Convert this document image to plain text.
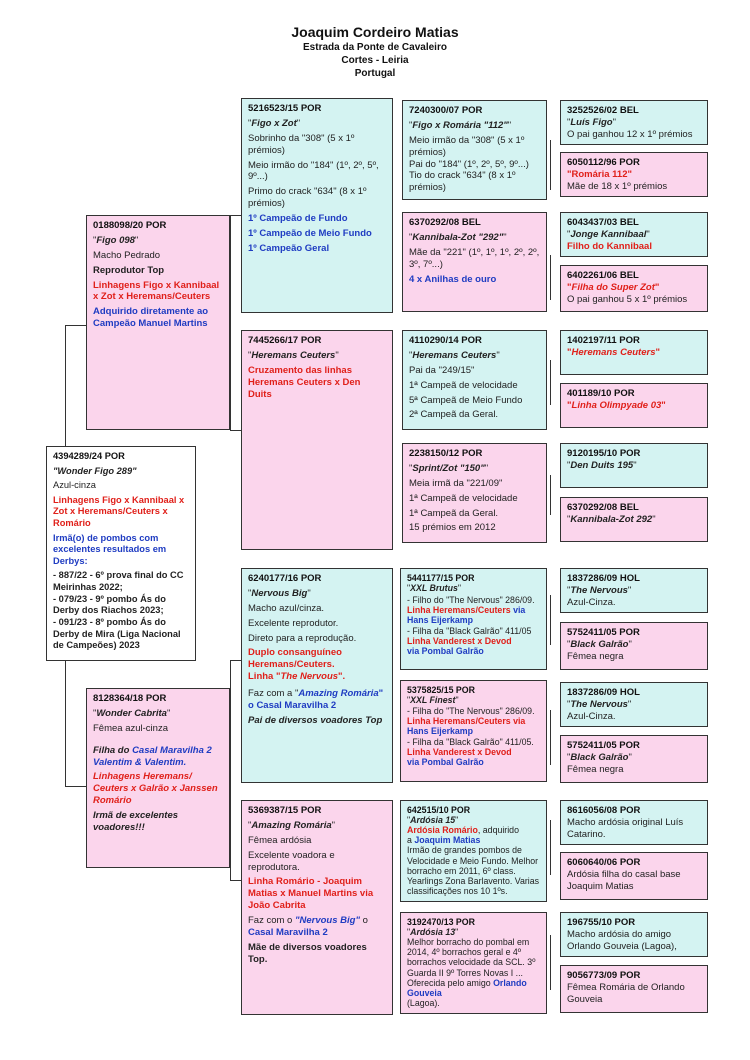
Joaquim Cordeiro Matias
Estrada da Ponte de Cavaleiro
Cortes - Leiria
Portugal

4394289/24 POR

"Wonder Figo 289"

Azul-cinza

Linhagens Figo x Kannibaal x Zot x Heremans/Ceuters x Romário

Irmã(o) de pombos com excelentes resultados em Derbys:

- 887/22 - 6º prova final do CC Meirinhas 2022;

- 079/23 - 9º pombo Ás do Derby dos Riachos 2023;

- 091/23 - 8º pombo Ás do Derby de Mira (Liga Nacional de Campeões) 2023

0188098/20 POR

"Figo 098"

Macho Pedrado

Reprodutor Top

Linhagens Figo x Kannibaal x Zot x Heremans/Ceuters

Adquirido diretamente ao Campeão Manuel Martins

8128364/18 POR

"Wonder Cabrita"

Fêmea azul-cinza

Filha do Casal Maravilha 2 Valentim & Valentim.

Linhagens Heremans/ Ceuters x Galrão x Janssen Romário

Irmã de excelentes voadores!!!

5216523/15 POR

"Figo x Zot"

Sobrinho da "308" (5 x 1º prémios)

Meio irmão do "184" (1º, 2º, 5º, 9º...)

Primo do crack "634" (8 x 1º prémios)

1º Campeão de Fundo

1º Campeão de Meio Fundo

1º Campeão Geral

7445266/17 POR

"Heremans Ceuters"

Cruzamento das linhas Heremans Ceuters x Den Duits

6240177/16 POR

"Nervous Big"

Macho azul/cinza.

Excelente reprodutor.

Direto para a reprodução.

Duplo consanguíneo Heremans/Ceuters.

Linha "The Nervous".

Faz com a "Amazing Romária" o Casal Maravilha 2

Pai de diversos voadores Top

5369387/15 POR

"Amazing Romária"

Fêmea ardósia

Excelente voadora e reprodutora.

Linha Romário - Joaquim Matias x Manuel Martins via João Cabrita

Faz com o "Nervous Big" o Casal Maravilha 2

Mãe de diversos voadores Top.

7240300/07 POR

"Figo x Romária "112""

Meio irmão da "308" (5 x 1º prémios)

Pai do "184" (1º, 2º, 5º, 9º...)

Tio do crack "634" (8 x 1º prémios)

6370292/08 BEL

"Kannibala-Zot "292""

Mãe da "221" (1º, 1º, 1º, 2º, 2º, 3º, 7º...)

4 x Anilhas de ouro

4110290/14 POR

"Heremans Ceuters"

Pai da "249/15"

1ª Campeã de velocidade

5ª Campeã de Meio Fundo

2ª Campeã da Geral.

2238150/12 POR

"Sprint/Zot "150""

Meia irmã da "221/09"

1ª Campeã de velocidade

1ª Campeã da Geral.

15 prémios em 2012

5441177/15 POR

"XXL Brutus"

- Filho do "The Nervous" 286/09.

Linha Heremans/Ceuters via

Hans Eijerkamp

- Filha da "Black Galrão" 411/05

Linha Vanderest x Devod

via Pombal Galrão

5375825/15 POR

"XXL Finest"

- Filha do "The Nervous" 286/09.

Linha Heremans/Ceuters via

Hans Eijerkamp

- Filha da "Black Galrão" 411/05.

Linha Vanderest x Devod

via Pombal Galrão

642515/10 POR

"Ardósia 15"

Ardósia Romário, adquirido

a Joaquim Matias

Irmão de grandes pombos de Velocidade e Meio Fundo. Melhor borracho em 2011, 6º class. Yearlings Zona Barlavento. Varias classificações nos 10 1ºs.

3192470/13 POR

"Ardósia 13"

Melhor borracho do pombal em 2014, 4º borrachos geral e 4º borrachos velocidade da SCL. 3º Guarda II 9º Torres Novas I ... Oferecida pelo amigo Orlando Gouveia

(Lagoa).

3252526/02 BEL

"Luís Figo"

O pai ganhou 12 x 1º prémios

6050112/96 POR

"Romária 112"

Mãe de 18 x 1º prémios

6043437/03 BEL

"Jonge Kannibaal"

Filho do Kannibaal

6402261/06 BEL

"Filha do Super Zot"

O pai ganhou 5 x 1º prémios

1402197/11 POR

"Heremans Ceuters"

401189/10 POR

"Linha Olimpyade 03"

9120195/10 POR

"Den Duits 195"

6370292/08 BEL

"Kannibala-Zot 292"

1837286/09 HOL

"The Nervous"

Azul-Cinza.

5752411/05 POR

"Black Galrão"

Fêmea negra

1837286/09 HOL

"The Nervous"

Azul-Cinza.

5752411/05 POR

"Black Galrão"

Fêmea negra

8616056/08 POR

Macho ardósia original Luís Catarino.

6060640/06 POR

Ardósia filha do casal base Joaquim Matias

196755/10 POR

Macho ardósia do amigo Orlando Gouveia (Lagoa),

9056773/09 POR

Fêmea Romária de Orlando Gouveia
